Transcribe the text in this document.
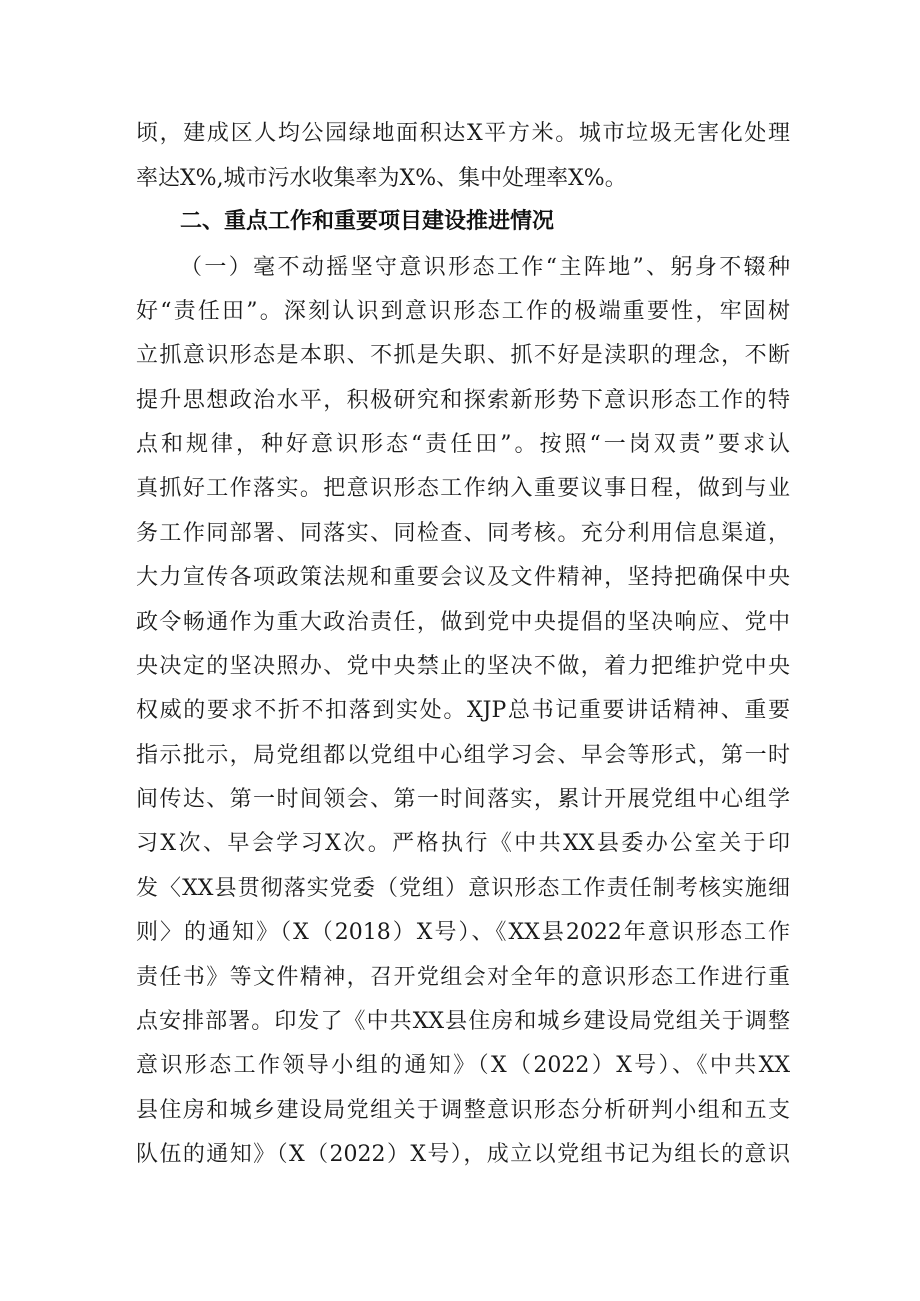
顷，建成区人均公园绿地面积达X平方米。城市垃圾无害化处理
率达X%,城市污水收集率为X%、集中处理率X%。
二、重点工作和重要项目建设推进情况
（一）毫不动摇坚守意识形态工作“主阵地”、躬身不辍种
好“责任田”。深刻认识到意识形态工作的极端重要性，牢固树
立抓意识形态是本职、不抓是失职、抓不好是渎职的理念，不断
提升思想政治水平，积极研究和探索新形势下意识形态工作的特
点和规律，种好意识形态“责任田”。按照“一岗双责”要求认
真抓好工作落实。把意识形态工作纳入重要议事日程，做到与业
务工作同部署、同落实、同检查、同考核。充分利用信息渠道，
大力宣传各项政策法规和重要会议及文件精神，坚持把确保中央
政令畅通作为重大政治责任，做到党中央提倡的坚决响应、党中
央决定的坚决照办、党中央禁止的坚决不做，着力把维护党中央
权威的要求不折不扣落到实处。XJP总书记重要讲话精神、重要
指示批示，局党组都以党组中心组学习会、早会等形式，第一时
间传达、第一时间领会、第一时间落实，累计开展党组中心组学
习X次、早会学习X次。严格执行《中共XX县委办公室关于印
发〈XX县贯彻落实党委（党组）意识形态工作责任制考核实施细
则〉的通知》（X（2018）X号）、《XX县2022年意识形态工作
责任书》等文件精神，召开党组会对全年的意识形态工作进行重
点安排部署。印发了《中共XX县住房和城乡建设局党组关于调整
意识形态工作领导小组的通知》（X（2022）X号）、《中共XX
县住房和城乡建设局党组关于调整意识形态分析研判小组和五支
队伍的通知》（X（2022）X号），成立以党组书记为组长的意识
